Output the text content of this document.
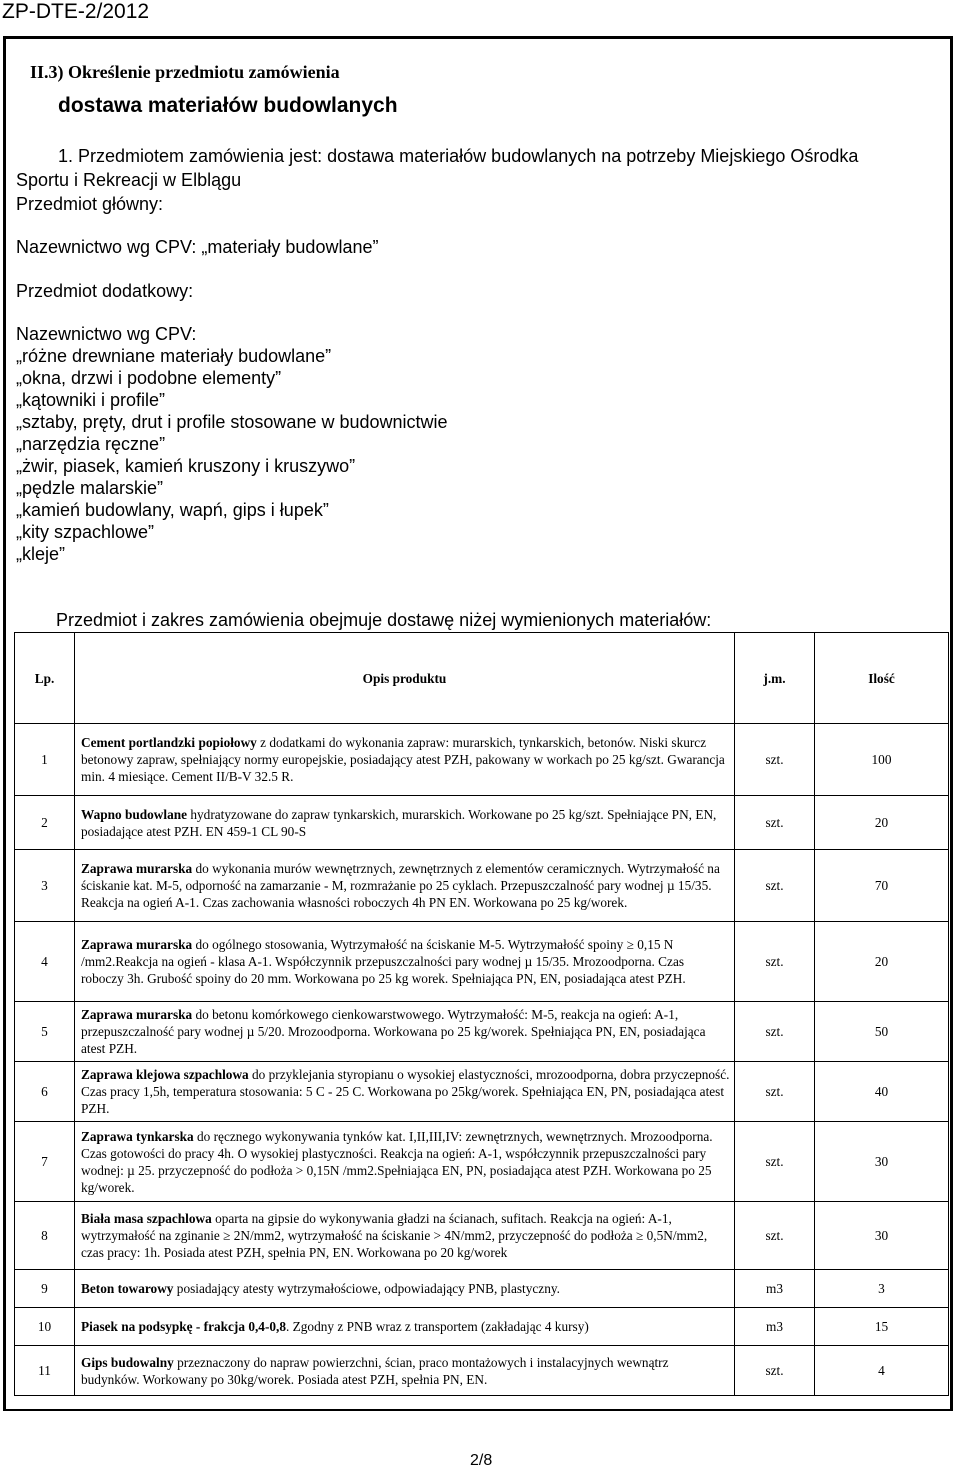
ZP-DTE-2/2012
II.3) Określenie przedmiotu zamówienia
dostawa materiałów budowlanych
1. Przedmiotem zamówienia jest: dostawa materiałów budowlanych na potrzeby Miejskiego Ośrodka
Sportu i Rekreacji w Elblągu
Przedmiot główny:
Nazewnictwo wg CPV: „materiały budowlane”
Przedmiot dodatkowy:
Nazewnictwo wg CPV:
„różne drewniane materiały budowlane”
„okna, drzwi i podobne elementy”
„kątowniki i profile”
„sztaby, pręty, drut i profile stosowane w budownictwie
„narzędzia ręczne”
„żwir, piasek, kamień kruszony i kruszywo”
„pędzle malarskie”
„kamień budowlany, wapń, gips i łupek”
„kity szpachlowe”
„kleje”
Przedmiot i zakres zamówienia obejmuje dostawę niżej wymienionych materiałów:
Lp.	Opis produktu	j.m.	Ilość
1	Cement portlandzki popiołowy z dodatkami do wykonania zapraw: murarskich, tynkarskich, betonów. Niski skurcz betonowy zapraw, spełniający normy europejskie, posiadający atest PZH, pakowany w workach po 25 kg/szt. Gwarancja min. 4 miesiące. Cement II/B-V 32.5 R.	szt.	100
2	Wapno budowlane hydratyzowane do zapraw tynkarskich, murarskich. Workowane po 25 kg/szt. Spełniające PN, EN, posiadające atest PZH. EN 459-1 CL 90-S	szt.	20
3	Zaprawa murarska do wykonania murów wewnętrznych, zewnętrznych z elementów ceramicznych. Wytrzymałość na ściskanie kat. M-5, odporność na zamarzanie - M, rozmrażanie po 25 cyklach. Przepuszczalność pary wodnej µ 15/35. Reakcja na ogień A-1. Czas zachowania własności roboczych 4h PN EN. Workowana po 25 kg/worek.	szt.	70
4	Zaprawa murarska do ogólnego stosowania, Wytrzymałość na ściskanie M-5. Wytrzymałość spoiny ≥ 0,15 N /mm2.Reakcja na ogień - klasa A-1. Współczynnik przepuszczalności pary wodnej µ 15/35. Mrozoodporna. Czas roboczy 3h. Grubość spoiny do 20 mm. Workowana po 25 kg worek. Spełniająca PN, EN, posiadająca atest PZH.	szt.	20
5	Zaprawa murarska do betonu komórkowego cienkowarstwowego. Wytrzymałość: M-5, reakcja na ogień: A-1, przepuszczalność pary wodnej µ 5/20. Mrozoodporna. Workowana po 25 kg/worek. Spełniająca PN, EN, posiadająca atest PZH.	szt.	50
6	Zaprawa klejowa szpachlowa do przyklejania styropianu o wysokiej elastyczności, mrozoodporna, dobra przyczepność. Czas pracy 1,5h, temperatura stosowania: 5 C - 25 C. Workowana po 25kg/worek. Spełniająca EN, PN, posiadająca atest PZH.	szt.	40
7	Zaprawa tynkarska do ręcznego wykonywania tynków kat. I,II,III,IV: zewnętrznych, wewnętrznych. Mrozoodporna. Czas gotowości do pracy 4h. O wysokiej plastyczności. Reakcja na ogień: A-1, współczynnik przepuszczalności pary wodnej: µ 25. przyczepność do podłoża > 0,15N /mm2.Spełniająca EN, PN, posiadająca atest PZH. Workowana po 25 kg/worek.	szt.	30
8	Biała masa szpachlowa oparta na gipsie do wykonywania gładzi na ścianach, sufitach. Reakcja na ogień: A-1, wytrzymałość na zginanie ≥ 2N/mm2, wytrzymałość na ściskanie > 4N/mm2, przyczepność do podłoża ≥ 0,5N/mm2, czas pracy: 1h. Posiada atest PZH, spełnia PN, EN. Workowana po 20 kg/worek	szt.	30
9	Beton towarowy posiadający atesty wytrzymałościowe, odpowiadający PNB, plastyczny.	m3	3
10	Piasek na podsypkę - frakcja 0,4-0,8. Zgodny z PNB wraz z transportem (zakładając 4 kursy)	m3	15
11	Gips budowalny przeznaczony do napraw powierzchni, ścian, praco montażowych i instalacyjnych wewnątrz budynków. Workowany po 30kg/worek. Posiada atest PZH, spełnia PN, EN.	szt.	4
2/8
